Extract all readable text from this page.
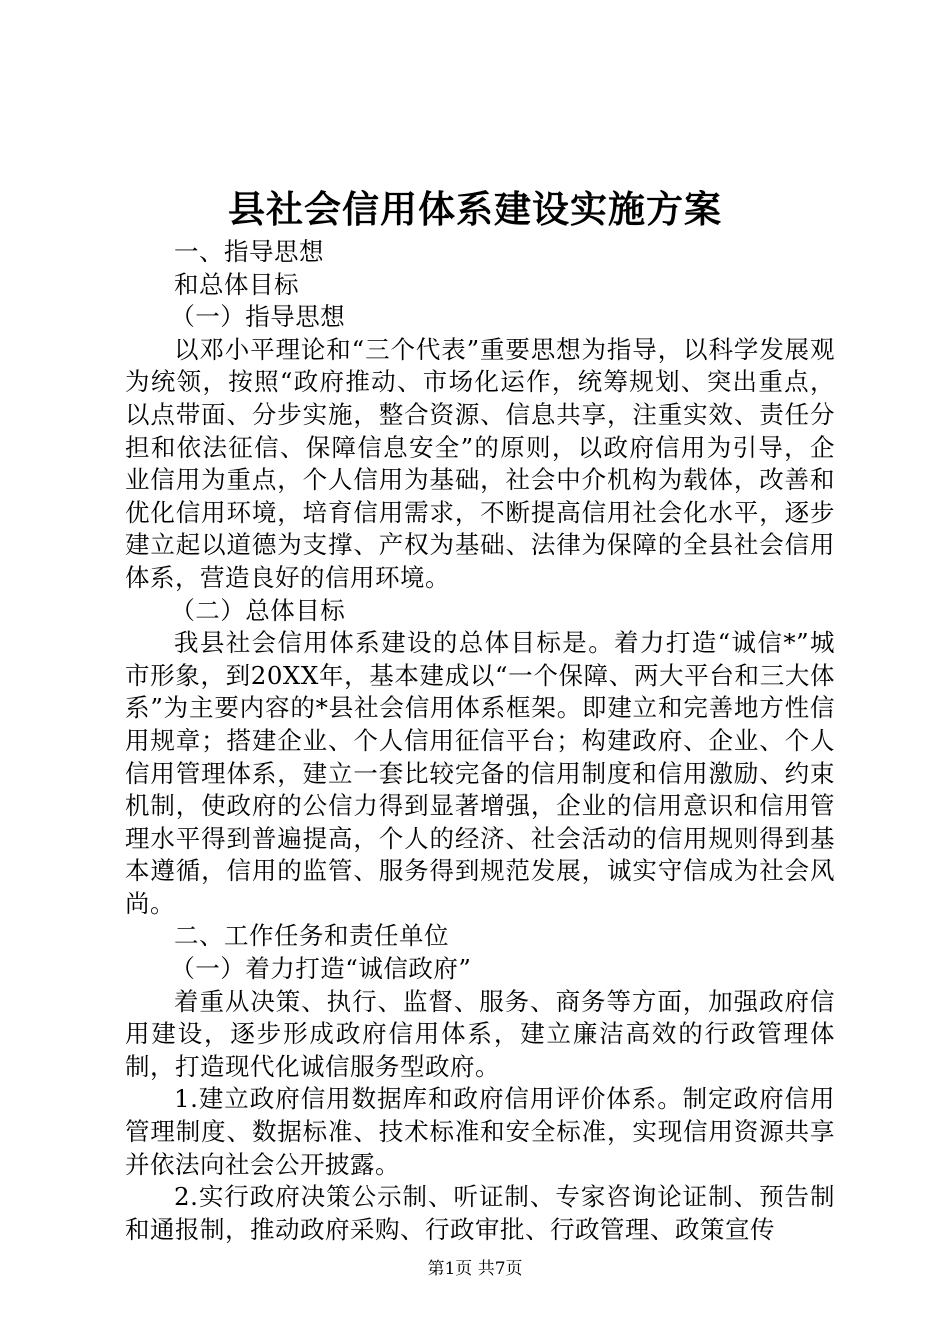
县社会信用体系建设实施方案

一、指导思想

和总体目标

（一）指导思想

以邓小平理论和“三个代表”重要思想为指导，以科学发展观为统领，按照“政府推动、市场化运作，统筹规划、突出重点，以点带面、分步实施，整合资源、信息共享，注重实效、责任分担和依法征信、保障信息安全”的原则，以政府信用为引导，企业信用为重点，个人信用为基础，社会中介机构为载体，改善和优化信用环境，培育信用需求，不断提高信用社会化水平，逐步建立起以道德为支撑、产权为基础、法律为保障的全县社会信用体系，营造良好的信用环境。

（二）总体目标

我县社会信用体系建设的总体目标是。着力打造“诚信*”城市形象，到20XX年，基本建成以“一个保障、两大平台和三大体系”为主要内容的*县社会信用体系框架。即建立和完善地方性信用规章；搭建企业、个人信用征信平台；构建政府、企业、个人信用管理体系，建立一套比较完备的信用制度和信用激励、约束机制，使政府的公信力得到显著增强，企业的信用意识和信用管理水平得到普遍提高，个人的经济、社会活动的信用规则得到基本遵循，信用的监管、服务得到规范发展，诚实守信成为社会风尚。

二、工作任务和责任单位

（一）着力打造“诚信政府”

着重从决策、执行、监督、服务、商务等方面，加强政府信用建设，逐步形成政府信用体系，建立廉洁高效的行政管理体制，打造现代化诚信服务型政府。

1.建立政府信用数据库和政府信用评价体系。制定政府信用管理制度、数据标准、技术标准和安全标准，实现信用资源共享并依法向社会公开披露。

2.实行政府决策公示制、听证制、专家咨询论证制、预告制和通报制，推动政府采购、行政审批、行政管理、政策宣传

第1页 共7页
